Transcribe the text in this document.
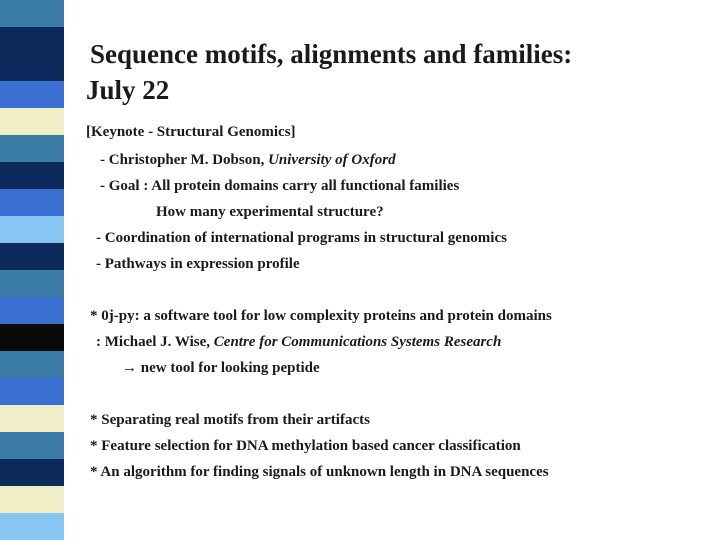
Sequence motifs, alignments and families:
July 22
[Keynote - Structural Genomics]
- Christopher M. Dobson, University of Oxford
- Goal : All protein domains carry all functional families
How many experimental structure?
- Coordination of international programs in structural genomics
- Pathways in expression profile
* 0j-py: a software tool for low complexity proteins and protein domains
: Michael J. Wise, Centre for Communications Systems Research
→ new tool for looking peptide
* Separating real motifs from their artifacts
* Feature selection for DNA methylation based cancer classification
* An algorithm for finding signals of unknown length in DNA sequences
